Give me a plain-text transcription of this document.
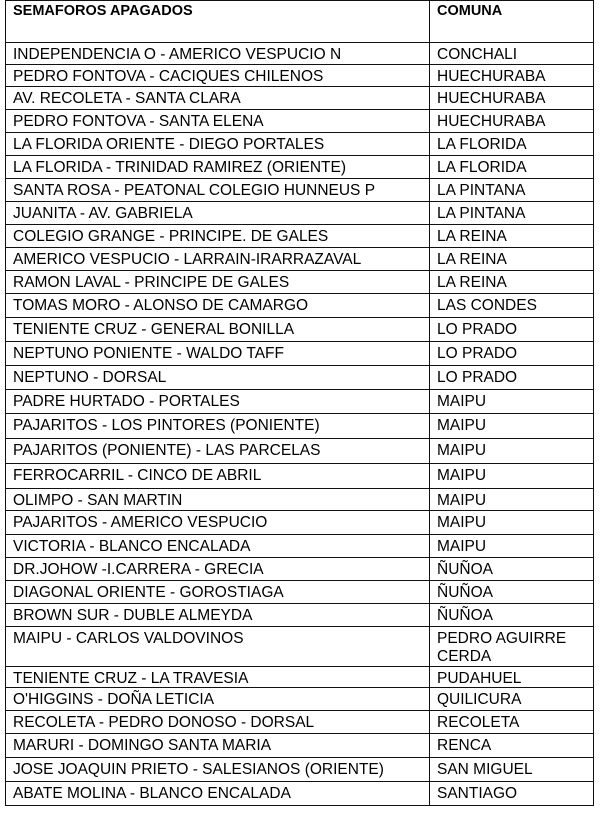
SEMAFOROS APAGADOS	COMUNA
INDEPENDENCIA O - AMERICO VESPUCIO N	CONCHALI
PEDRO FONTOVA - CACIQUES CHILENOS	HUECHURABA
AV. RECOLETA - SANTA CLARA	HUECHURABA
PEDRO FONTOVA - SANTA ELENA	HUECHURABA
LA FLORIDA ORIENTE - DIEGO PORTALES	LA FLORIDA
LA FLORIDA - TRINIDAD RAMIREZ (ORIENTE)	LA FLORIDA
SANTA ROSA - PEATONAL COLEGIO HUNNEUS P	LA PINTANA
JUANITA - AV. GABRIELA	LA PINTANA
COLEGIO GRANGE - PRINCIPE. DE GALES	LA REINA
AMERICO VESPUCIO - LARRAIN-IRARRAZAVAL	LA REINA
RAMON LAVAL - PRINCIPE DE GALES	LA REINA
TOMAS MORO - ALONSO DE CAMARGO	LAS CONDES
TENIENTE CRUZ - GENERAL BONILLA	LO PRADO
NEPTUNO PONIENTE - WALDO TAFF	LO PRADO
NEPTUNO - DORSAL	LO PRADO
PADRE HURTADO - PORTALES	MAIPU
PAJARITOS - LOS PINTORES (PONIENTE)	MAIPU
PAJARITOS (PONIENTE) - LAS PARCELAS	MAIPU
FERROCARRIL - CINCO DE ABRIL	MAIPU
OLIMPO - SAN MARTIN	MAIPU
PAJARITOS - AMERICO VESPUCIO	MAIPU
VICTORIA - BLANCO ENCALADA	MAIPU
DR.JOHOW -I.CARRERA - GRECIA	ÑUÑOA
DIAGONAL ORIENTE - GOROSTIAGA	ÑUÑOA
BROWN SUR - DUBLE ALMEYDA	ÑUÑOA
MAIPU - CARLOS VALDOVINOS	PEDRO AGUIRRE CERDA
TENIENTE CRUZ - LA TRAVESIA	PUDAHUEL
O'HIGGINS - DOÑA LETICIA	QUILICURA
RECOLETA - PEDRO DONOSO - DORSAL	RECOLETA
MARURI - DOMINGO SANTA MARIA	RENCA
JOSE JOAQUIN PRIETO - SALESIANOS (ORIENTE)	SAN MIGUEL
ABATE MOLINA - BLANCO ENCALADA	SANTIAGO
